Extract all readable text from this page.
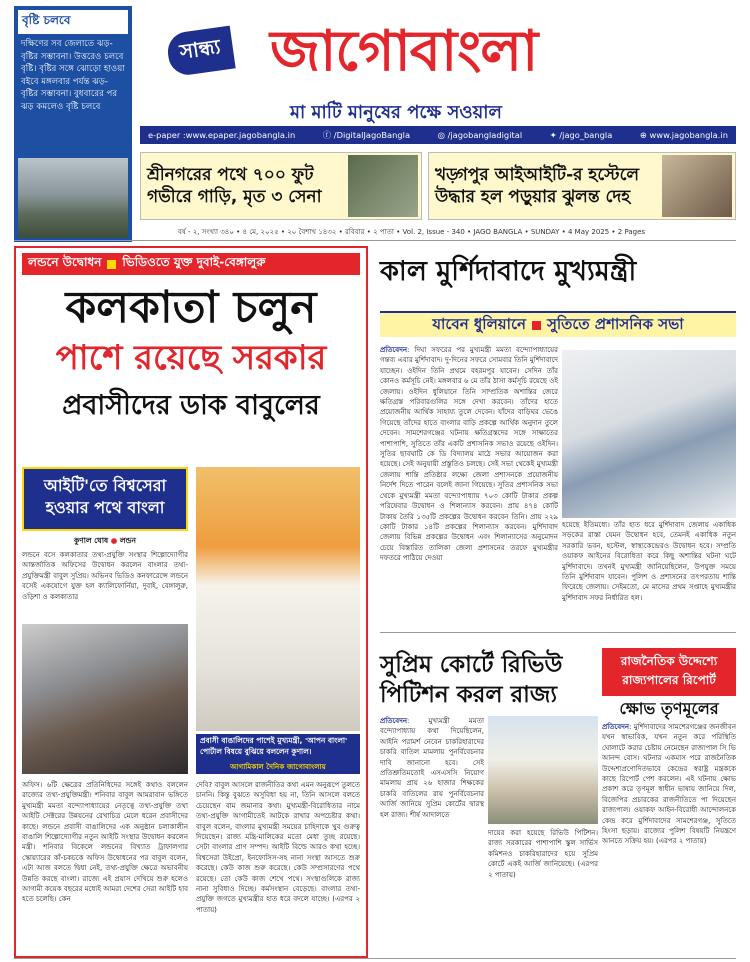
বৃষ্টি চলবে
দক্ষিণের সব জেলাতে ঝড়-বৃষ্টির সম্ভাবনা। উত্তরেও চলবে বৃষ্টি। বৃষ্টির সঙ্গে ঝোড়ো হাওয়া বইবে মঙ্গলবার পর্যন্ত ঝড়-বৃষ্টির সম্ভাবনা। বুধবারের পর ঝড় কমলেও বৃষ্টি চলবে
সান্ধ্য জাগোবাংলা
মা মাটি মানুষের পক্ষে সওয়াল
e-paper :www.epaper.jagobangla.in	ⓕ /DigitalJagoBangla	◎ /jagobangladigital	✦ /jago_bangla	⊕ www.jagobangla.in
শ্রীনগরের পথে ৭০০ ফুট গভীরে গাড়ি, মৃত ৩ সেনা
খড়্গপুর আইআইটি-র হস্টেলে উদ্ধার হল পড়ুয়ার ঝুলন্ত দেহ
বর্ষ - ২, সংখ্যা ৩৪০ • ৪ মে, ২০২৫ • ২০ বৈশাখ ১৪৩২ • রবিবার • ২ পাতা • Vol. 2, Issue - 340 • JAGO BANGLA • SUNDAY • 4 May 2025 • 2 Pages
লন্ডনে উদ্বোধন ভিডিওতে যুক্ত দুবাই-বেঙ্গালুরু
কলকাতা চলুন
পাশে রয়েছে সরকার
প্রবাসীদের ডাক বাবুলের
আইটি'তে বিশ্বসেরা হওয়ার পথে বাংলা
কুণাল ঘোষ ● লন্ডন
লন্ডনে বসে কলকাতার তথ্য-প্রযুক্তি সংস্থার শিল্পোদ্যোগীর আন্তর্জাতিক অফিসের উদ্বোধন করলেন বাংলার তথ্য-প্রযুক্তিমন্ত্রী বাবুল সুপ্রিয়। অভিনব ভিডিও কনফারেন্সে লন্ডনে বসেই একযোগে যুক্ত হল ক্যালিফোর্নিয়া, দুবাই, বেঙ্গালুরু, ওড়িশা ও কলকাতার
প্রবাসী বাঙালিদের পাশেই মুখ্যমন্ত্রী, 'আপন বাংলা' পোর্টাল বিষয়ে বুঝিয়ে বললেন কুণাল।
আগামিকাল দৈনিক জাগোবাংলায়
অফিস। ৬টি ক্ষেত্রের প্রতিনিধিদের সঙ্গেই কথাও বললেন রাজ্যের তথ্য-প্রযুক্তিমন্ত্রী। শনিবার বাবুল আমরাবান ভঙ্গিতে মুখ্যমন্ত্রী মমতা বন্দ্যোপাধ্যায়ের নেতৃত্বে তথ্য-প্রযুক্তি তথা আইটি সেক্টরের উন্নয়নের রেখাচিত্র মেলে ধরেন প্রবাসীদের কাছে। লন্ডনে প্রবাসী বাঙালিদের এক অনুষ্ঠান চলাকালীন বাঙালি শিল্পোদ্যোগীর নতুন আইটি সংস্থার উদ্বোধন করলেন মন্ত্রী। শনিবার বিকেলে লন্ডনের বিখ্যাত ট্রাফালগার স্কোয়্যারের কাঁ-চকচকে অফিস উদ্বোধনের পর বাবুল বলেন, এটা আজ বলতে দ্বিধা নেই, তথ্য-প্রযুক্তি ক্ষেত্রে অভাবনীয় উন্নতি করছে বাংলা। রাজ্যে এই প্রয়াস দেখিয়ে শুরু হলেও আগামী কয়েক বছরের মধ্যেই আমরা দেশের সেরা আইটি হাব হতে চলেছি। কেন
দেবি? বাবুল আসলে রাজনীতির কথা এমন অনুরূপে তুলতে চাননি। কিন্তু বুঝতে অসুবিধা হয় না, তিনি আসলে বলতে চেয়েছেন বাম জমানার কথা। মুখ্যমন্ত্রী-বিরোধিতার নামে তথ্য-প্রযুক্তি আগামীতেই আটকে রাখার অপচেষ্টার কথা। বাবুল বলেন, বাংলার মুখ্যমন্ত্রী সময়ের চাহিদাকে খুব গুরুত্ব দিয়েছেন। রাজ্য মন্ত্রি-মালিকের মতো মেধা তুচ্ছ রয়েছে। সেটা বাংলার প্রাণ সম্পদ। আইটি বিল্ডে আরও কথা হচ্ছে। বিশ্বসেরা উইপ্রো, ইনফোসিস-সহ নানা সংস্থা আসতে শুরু করেছে। কেউ কাজ শুরু করেছে। কেউ সম্প্রসারণের পথে রয়েছে। তো কেউ কাজ শেখে পথে। সংস্থাগুলিকে রাজ্য নানা সুবিধাও দিচ্ছে। কর্মসংস্থান বেড়েছে। বাংলার তথ্য-প্রযুক্তি জগতে মুখ্যমন্ত্রীর হাত ধরে বদলে যাচ্ছে। (এরপর ২ পাতায়)
কাল মুর্শিদাবাদে মুখ্যমন্ত্রী
যাবেন ধুলিয়ানে সুতিতে প্রশাসনিক সভা
প্রতিবেদন: দিঘা সফরের পর মুখ্যমন্ত্রী মমতা বন্দ্যোপাধ্যায়ের গন্তব্য এবার মুর্শিদাবাদ। দু-দিনের সফরে সোমবার তিনি মুর্শিদাবাদে যাচ্ছেন। ওইদিন তিনি প্রথমে বহরমপুর যাবেন। সেদিন তাঁর কোনও কর্মসূচি নেই। মঙ্গলবার ৬ মে তাঁর ঠাসা কর্মসূচি রয়েছে ওই জেলায়। ওইদিন ধুলিয়ানে তিনি সাম্প্রতিক অশান্তির জেরে ক্ষতিগ্রস্ত পরিবারগুলির সঙ্গে দেখা করবেন। তাঁদের হাতে প্রয়োজনীয় আর্থিক সাহায্য তুলে দেবেন। যাঁদের বাড়িঘর ভেঙে গিয়েছে তাঁদের হাতে বাংলার বাড়ি প্রকল্পে আর্থিক অনুদান তুলে দেবেন। সামশেরগঞ্জের ঘটনায় ক্ষতিগ্রস্তদের সঙ্গে সাক্ষাতের পাশাপাশি, সুতিতে তাঁর একটি প্রশাসনিক সভাও রয়েছে ওইদিন। সুতির ছাবঘাটি কে ডি বিদ্যালয় মাঠে সভার আয়োজন করা হয়েছে। সেই অনুযায়ী প্রস্তুতিও চলছে। সেই সভা থেকেই মুখ্যমন্ত্রী জেলায় শান্তি প্রতিষ্ঠার লক্ষ্যে জেলা প্রশাসনকে প্রয়োজনীয় নির্দেশ দিতে পারেন বলেই জানা গিয়েছে। সুতির প্রশাসনিক সভা থেকে মুখ্যমন্ত্রী মমতা বন্দ্যোপাধ্যায় ৭০৩ কোটি টাকার প্রকল্প পরিষেবার উদ্বোধন ও শিলান্যাস করবেন। প্রায় ৪৭৪ কোটি টাকায় তৈরি ১৩৫টি প্রকল্পের উদ্বোধন করবেন তিনি। প্রায় ২২৯ কোটি টাকার ১৪টি প্রকল্পের শিলান্যাস করবেন। মুর্শিদাবাদ জেলায় বিভিন্ন প্রকল্পের উদ্বোধন এবং শিলান্যাসের অনুমোদন চেয়ে বিস্তারিত তালিকা জেলা প্রশাসনের তরফে মুখ্যমন্ত্রীর দফতরে পাঠিয়ে দেওয়া
হয়েছে ইতিমধ্যে। তাঁর হাত ধরে মুর্শিদাবাদ জেলায় একাধিক সড়কের রাস্তা যেমন উদ্বোধন হবে, তেমনই একাধিক নতুন সরকারি ভবন, হস্টেল, স্বাস্থ্যকেন্দ্রেরও উদ্বোধন হবে। সম্প্রতি ওয়াকফ আইনের বিরোধিতা করে কিছু অশান্তির ঘটনা ঘটে মুর্শিদাবাদে। তখনই মুখ্যমন্ত্রী জানিয়েছিলেন, উপযুক্ত সময়ে তিনি মুর্শিদাবাদ যাবেন। পুলিশ ও প্রশাসনের তৎপরতায় শান্তি ফিরেছে জেলায়। সেইমতো, মে মাসের প্রথম সপ্তাহে মুখ্যমন্ত্রীর মুর্শিদাবাদ সফর নির্ধারিত হল।
সুপ্রিম কোর্টে রিভিউ পিটিশন করল রাজ্য
প্রতিবেদন: মুখ্যমন্ত্রী মমতা বন্দ্যোপাধ্যায় কথা দিয়েছিলেন, আইনি পরামর্শ নেবেন চাকরিহারাদের চাকরি বাতিল মামলায় পুনর্বিবেচনার দাবি জানানো হবে। সেই প্রতিশ্রুতিমতোই এসএসসি নিয়োগ মামলায় প্রায় ২৬ হাজার শিক্ষকের চাকরি বাতিলের রায় পুনর্বিবেচনার আর্জি জানিয়ে সুপ্রিম কোর্টের দ্বারস্থ হল রাজ্য। শীর্ষ আদালতে
দায়ের করা হয়েছে রিভিউ পিটিশন। রাজ্য সরকারের পাশাপাশি স্কুল সার্ভিস কমিশনও চাকরিহারাদের হয়ে সুপ্রিম কোর্টে একই আর্জি জানিয়েছে। (এরপর ২ পাতায়)
রাজনৈতিক উদ্দেশ্যে রাজ্যপালের রিপোর্ট
ক্ষোভ তৃণমূলের
প্রতিবেদন: মুর্শিদাবাদের সামশেরগঞ্জের জনজীবন যখন স্বাভাবিক, যখন নতুন করে পরিস্থিতি ঘোলাটে করার চেষ্টায় নেমেছেন রাজ্যপাল সি ভি আনন্দ বোস। ঘটনার একমাস পরে রাজনৈতিক উদ্দেশ্যপ্রণোদিতভাবে কেন্দ্রের স্বরাষ্ট্র মন্ত্রককে কাছে রিপোর্ট পেশ করলেন। এই ঘটনায় ক্ষোভ প্রকাশ করে তৃণমূল স্বাধীন ভাষায় জানিয়ে দিল, বিজেপির প্রচারকের রাজনীতিতে পা দিয়েছেন রাজ্যপাল। ওয়াকফ আইন-বিরোধী আন্দোলনকে কেন্দ্র করে মুর্শিদাবাদের সামশেরগঞ্জ, সুতিতে হিংসা ছড়ায়। রাজ্যের পুলিশ বিষয়টি নিয়ন্ত্রণে আনতে সক্রিয় হয়। (এরপর ২ পাতায়)
